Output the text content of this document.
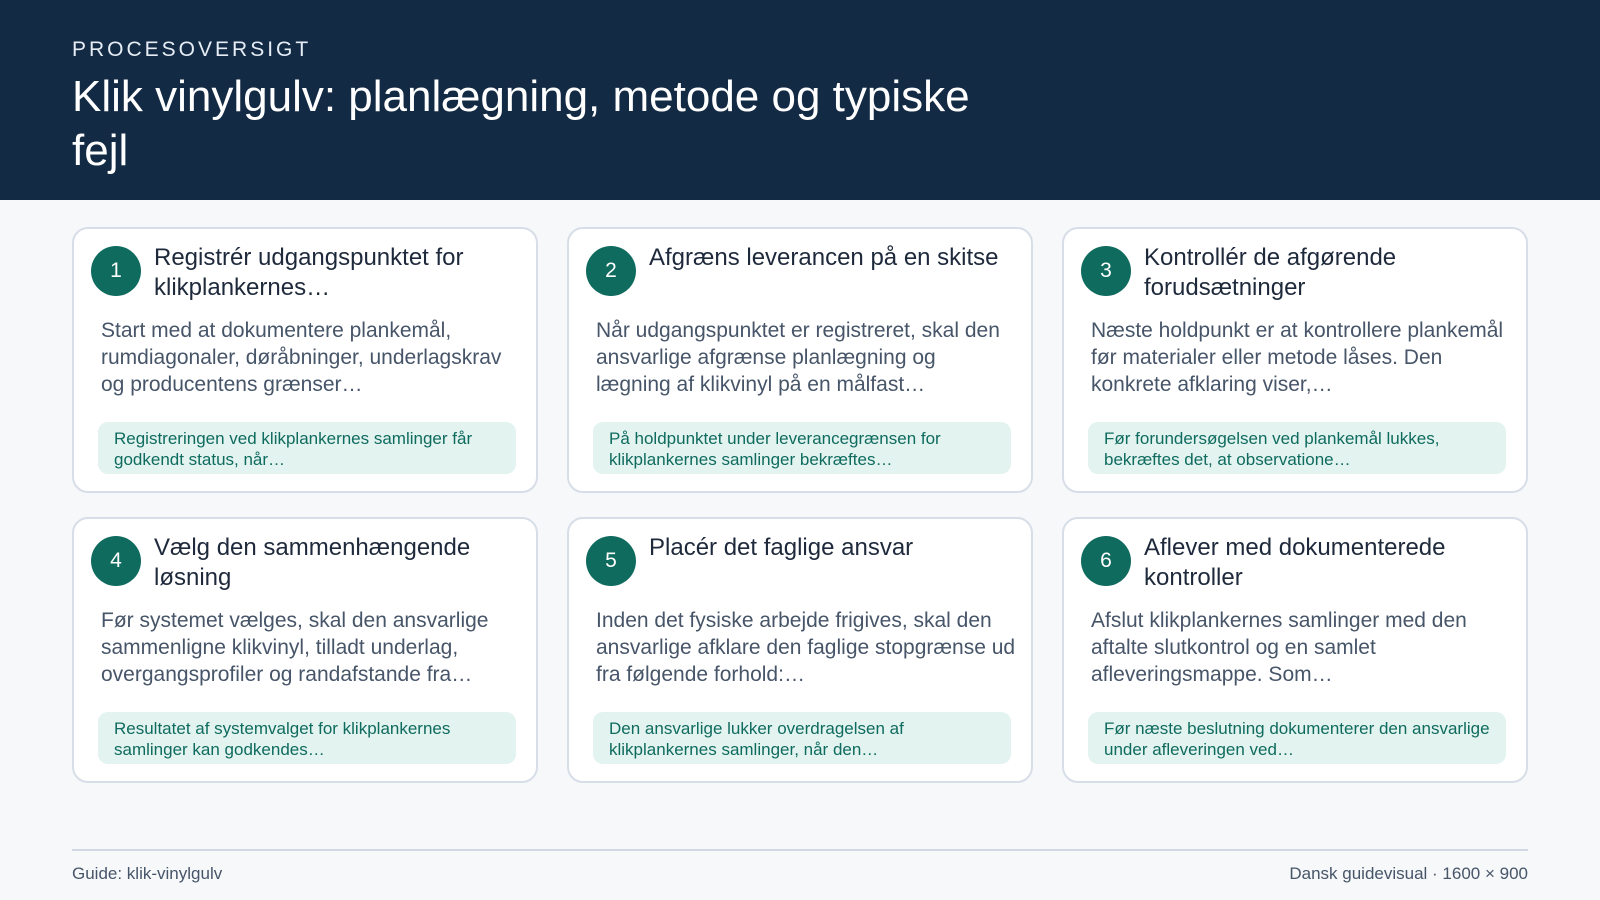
PROCESOVERSIGT
Klik vinylgulv: planlægning, metode og typiske fejl
1	Registrér udgangspunktet for klikplankernes…
Start med at dokumentere plankemål, rumdiagonaler, døråbninger, underlagskrav og producentens grænser…
Registreringen ved klikplankernes samlinger får godkendt status, når…
2	Afgræns leverancen på en skitse
Når udgangspunktet er registreret, skal den ansvarlige afgrænse planlægning og lægning af klikvinyl på en målfast…
På holdpunktet under leverancegrænsen for klikplankernes samlinger bekræftes…
3	Kontrollér de afgørende forudsætninger
Næste holdpunkt er at kontrollere plankemål før materialer eller metode låses. Den konkrete afklaring viser,…
Før forundersøgelsen ved plankemål lukkes, bekræftes det, at observatione…
4	Vælg den sammenhængende løsning
Før systemet vælges, skal den ansvarlige sammenligne klikvinyl, tilladt underlag, overgangsprofiler og randafstande fra…
Resultatet af systemvalget for klikplankernes samlinger kan godkendes…
5	Placér det faglige ansvar
Inden det fysiske arbejde frigives, skal den ansvarlige afklare den faglige stopgrænse ud fra følgende forhold:…
Den ansvarlige lukker overdragelsen af klikplankernes samlinger, når den…
6	Aflever med dokumenterede kontroller
Afslut klikplankernes samlinger med den aftalte slutkontrol og en samlet afleveringsmappe. Som…
Før næste beslutning dokumenterer den ansvarlige under afleveringen ved…
Guide: klik-vinylgulv	Dansk guidevisual · 1600 × 900
